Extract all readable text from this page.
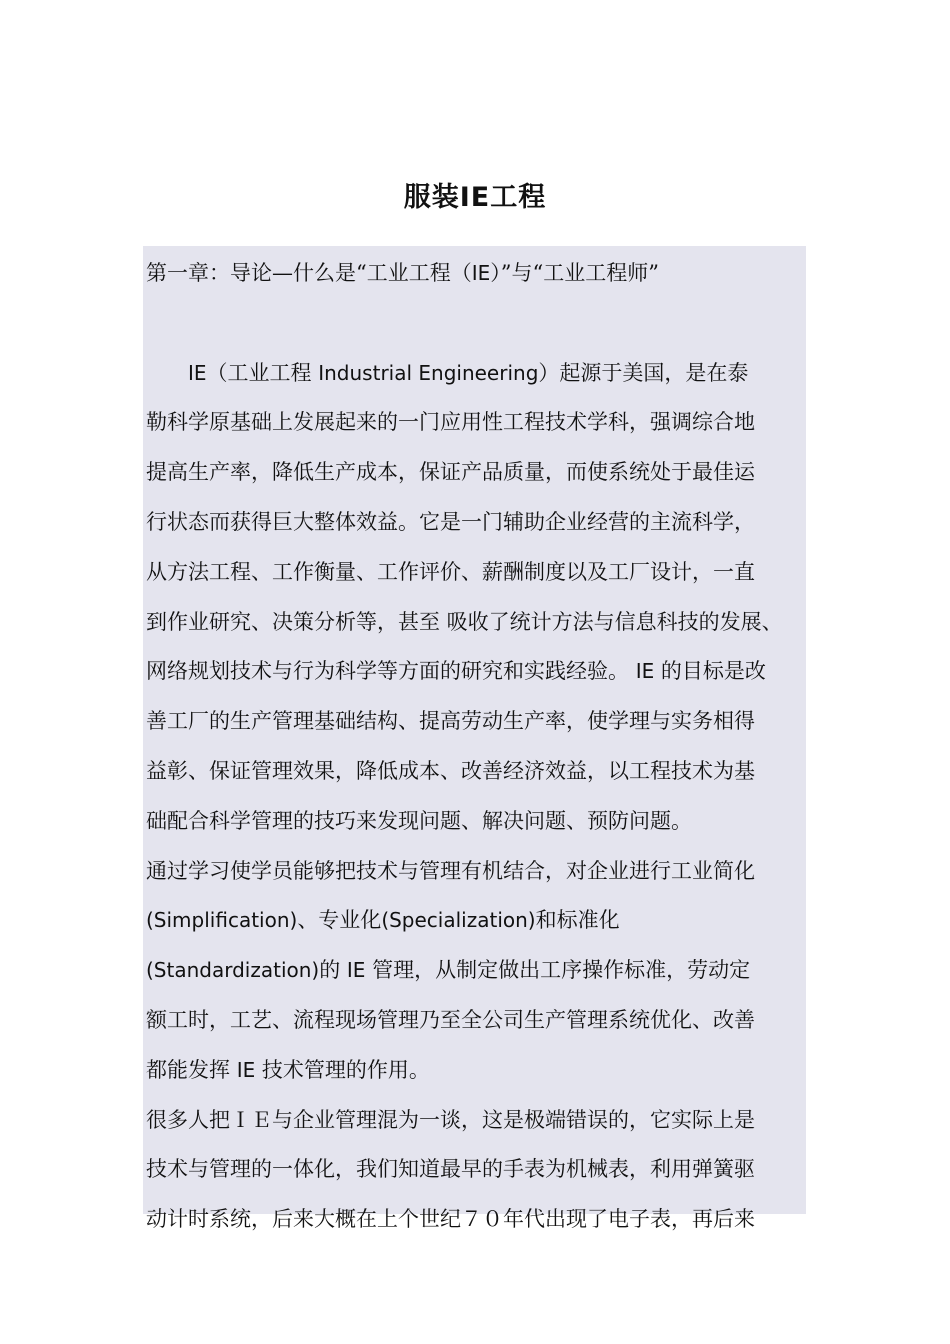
服装IE工程
第一章：导论—什么是“工业工程（IE）”与“工业工程师”
　　IE（工业工程 Industrial Engineering）起源于美国，是在泰
勒科学原基础上发展起来的一门应用性工程技术学科，强调综合地
提高生产率，降低生产成本，保证产品质量，而使系统处于最佳运
行状态而获得巨大整体效益。它是一门辅助企业经营的主流科学，
从方法工程、工作衡量、工作评价、薪酬制度以及工厂设计，一直
到作业研究、决策分析等，甚至 吸收了统计方法与信息科技的发展、
网络规划技术与行为科学等方面的研究和实践经验。 IE 的目标是改
善工厂的生产管理基础结构、提高劳动生产率，使学理与实务相得
益彰、保证管理效果，降低成本、改善经济效益，以工程技术为基
础配合科学管理的技巧来发现问题、解决问题、预防问题。
通过学习使学员能够把技术与管理有机结合，对企业进行工业简化
(Simplification)、专业化(Specialization)和标准化
(Standardization)的 IE 管理，从制定做出工序操作标准，劳动定
额工时，工艺、流程现场管理乃至全公司生产管理系统优化、改善
都能发挥 IE 技术管理的作用。
很多人把ＩＥ与企业管理混为一谈，这是极端错误的，它实际上是
技术与管理的一体化，我们知道最早的手表为机械表，利用弹簧驱
动计时系统，后来大概在上个世纪７０年代出现了电子表，再后来
